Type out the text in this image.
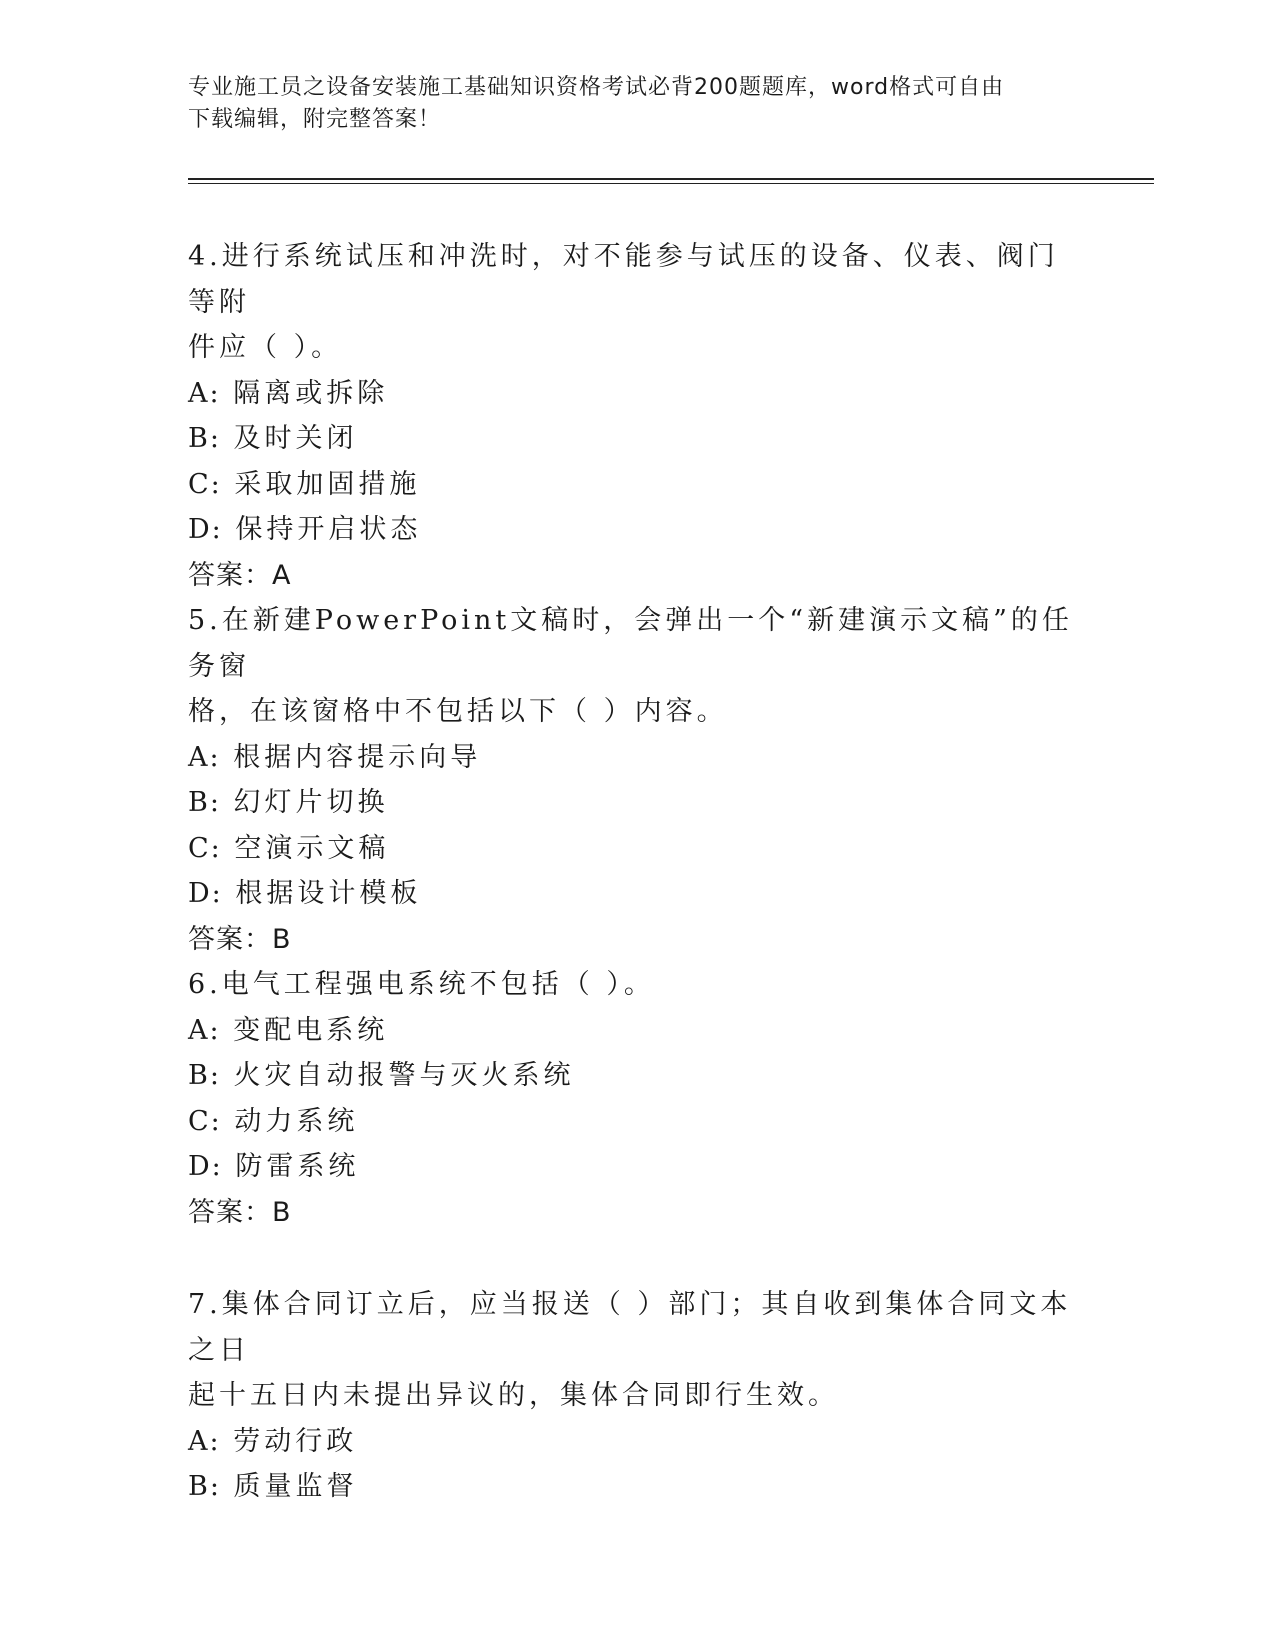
专业施工员之设备安装施工基础知识资格考试必背200题题库，word格式可自由
下载编辑，附完整答案！

4.进行系统试压和冲洗时，对不能参与试压的设备、仪表、阀门等附

件应（ ）。

A: 隔离或拆除

B: 及时关闭

C: 采取加固措施

D: 保持开启状态

答案：A

5.在新建PowerPoint文稿时，会弹出一个“新建演示文稿”的任务窗

格，在该窗格中不包括以下（ ）内容。

A: 根据内容提示向导

B: 幻灯片切换

C: 空演示文稿

D: 根据设计模板

答案：B

6.电气工程强电系统不包括（ ）。

A: 变配电系统

B: 火灾自动报警与灭火系统

C: 动力系统

D: 防雷系统

答案：B

7.集体合同订立后，应当报送（ ）部门；其自收到集体合同文本之日

起十五日内未提出异议的，集体合同即行生效。

A: 劳动行政

B: 质量监督
